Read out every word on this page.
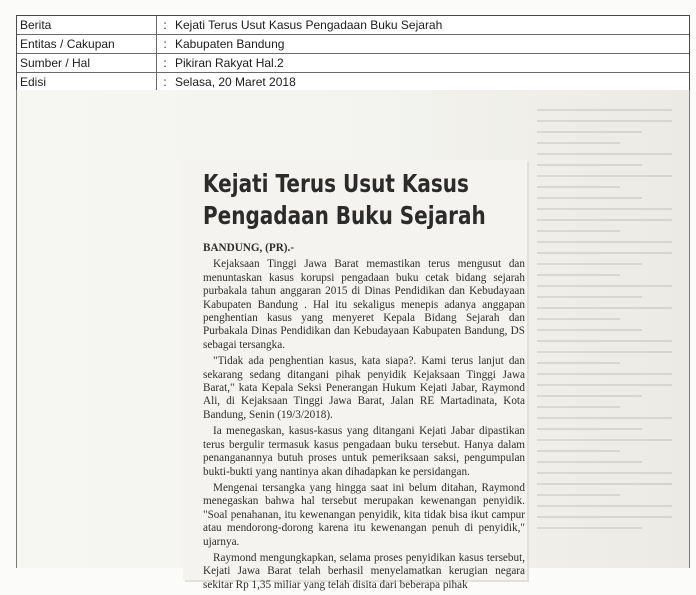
Berita	: Kejati Terus Usut Kasus Pengadaan Buku Sejarah
Entitas / Cakupan	: Kabupaten Bandung
Sumber / Hal	: Pikiran Rakyat Hal.2
Edisi	: Selasa, 20 Maret 2018
Kejati Terus Usut Kasus
Pengadaan Buku Sejarah

BANDUNG, (PR).-

Kejaksaan Tinggi Jawa Barat memastikan terus mengusut dan menuntaskan kasus korupsi pengadaan buku cetak bidang sejarah purbakala tahun anggaran 2015 di Dinas Pendidikan dan Kebudayaan Kabupaten Bandung . Hal itu sekaligus menepis adanya anggapan penghentian kasus yang menyeret Kepala Bidang Sejarah dan Purbakala Dinas Pendidikan dan Kebudayaan Kabupaten Bandung, DS sebagai tersangka.

"Tidak ada penghentian kasus, kata siapa?. Kami terus lanjut dan sekarang sedang ditangani pihak penyidik Kejaksaan Tinggi Jawa Barat," kata Kepala Seksi Penerangan Hukum Kejati Jabar, Raymond Ali, di Kejaksaan Tinggi Jawa Barat, Jalan RE Martadinata, Kota Bandung, Senin (19/3/2018).

Ia menegaskan, kasus-kasus yang ditangani Kejati Jabar dipastikan terus bergulir termasuk kasus pengadaan buku tersebut. Hanya dalam penanganannya butuh proses untuk pemeriksaan saksi, pengumpulan bukti-bukti yang nantinya akan dihadapkan ke persidangan.

Mengenai tersangka yang hingga saat ini belum ditahan, Raymond menegaskan bahwa hal tersebut merupakan kewenangan penyidik. "Soal penahanan, itu kewenangan penyidik, kita tidak bisa ikut campur atau mendorong-dorong karena itu kewenangan penuh di penyidik," ujarnya.

Raymond mengungkapkan, selama proses penyidikan kasus tersebut, Kejati Jawa Barat telah berhasil menyelamatkan kerugian negara sekitar Rp 1,35 miliar yang telah disita dari beberapa pihak
